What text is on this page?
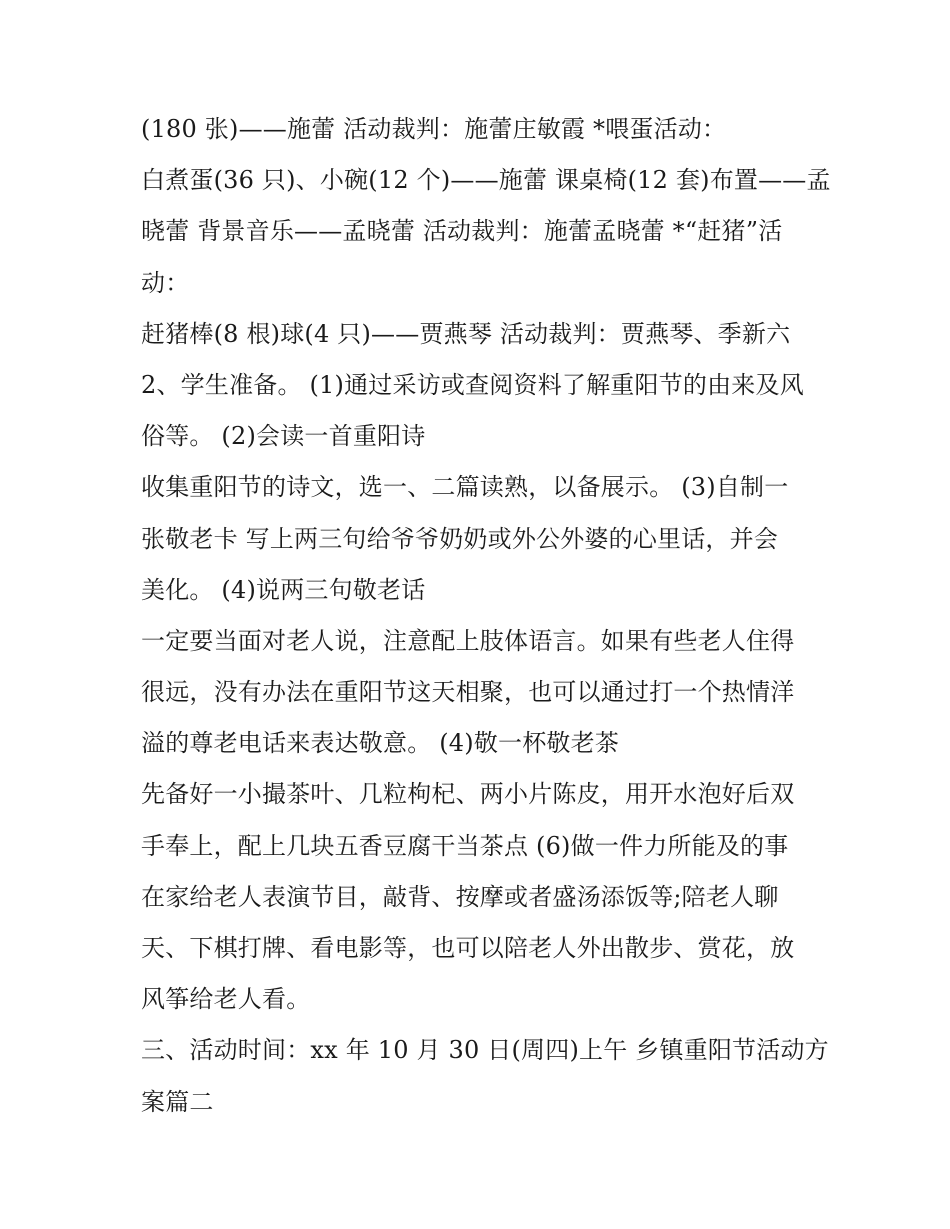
(180 张)——施蕾 活动裁判：施蕾庄敏霞 *喂蛋活动：
白煮蛋(36 只)、小碗(12 个)——施蕾 课桌椅(12 套)布置——孟
晓蕾 背景音乐——孟晓蕾 活动裁判：施蕾孟晓蕾 *“赶猪”活
动：
赶猪棒(8 根)球(4 只)——贾燕琴 活动裁判：贾燕琴、季新六
2、学生准备。 (1)通过采访或查阅资料了解重阳节的由来及风
俗等。 (2)会读一首重阳诗
收集重阳节的诗文，选一、二篇读熟，以备展示。 (3)自制一
张敬老卡 写上两三句给爷爷奶奶或外公外婆的心里话，并会
美化。 (4)说两三句敬老话
一定要当面对老人说，注意配上肢体语言。如果有些老人住得
很远，没有办法在重阳节这天相聚，也可以通过打一个热情洋
溢的尊老电话来表达敬意。 (4)敬一杯敬老茶
先备好一小撮茶叶、几粒枸杞、两小片陈皮，用开水泡好后双
手奉上，配上几块五香豆腐干当茶点 (6)做一件力所能及的事
在家给老人表演节目，敲背、按摩或者盛汤添饭等;陪老人聊
天、下棋打牌、看电影等，也可以陪老人外出散步、赏花，放
风筝给老人看。
三、活动时间：xx 年 10 月 30 日(周四)上午 乡镇重阳节活动方
案篇二
